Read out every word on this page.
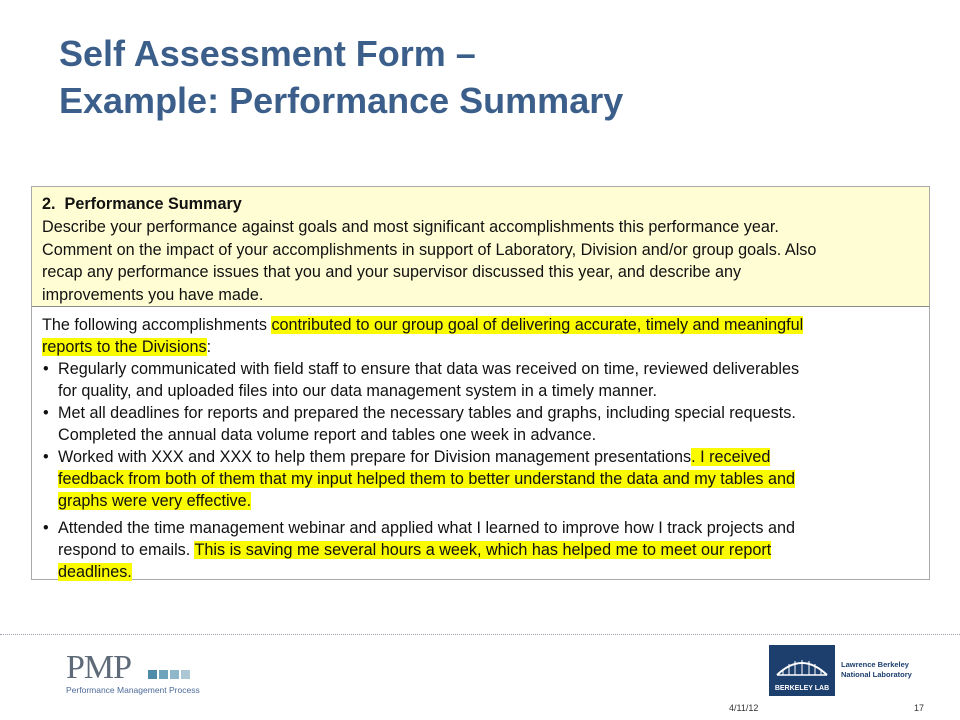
Self Assessment Form –
Example: Performance Summary
2. Performance Summary
Describe your performance against goals and most significant accomplishments this performance year.
Comment on the impact of your accomplishments in support of Laboratory, Division and/or group goals. Also
recap any performance issues that you and your supervisor discussed this year, and describe any
improvements you have made.
The following accomplishments contributed to our group goal of delivering accurate, timely and meaningful
reports to the Divisions:
• Regularly communicated with field staff to ensure that data was received on time, reviewed deliverables
for quality, and uploaded files into our data management system in a timely manner.
• Met all deadlines for reports and prepared the necessary tables and graphs, including special requests.
Completed the annual data volume report and tables one week in advance.
• Worked with XXX and XXX to help them prepare for Division management presentations. I received
feedback from both of them that my input helped them to better understand the data and my tables and
graphs were very effective.
• Attended the time management webinar and applied what I learned to improve how I track projects and
respond to emails. This is saving me several hours a week, which has helped me to meet our report
deadlines.
PMP
Performance Management Process	BERKELEY LAB
Lawrence Berkeley
National Laboratory
4/11/12	17
